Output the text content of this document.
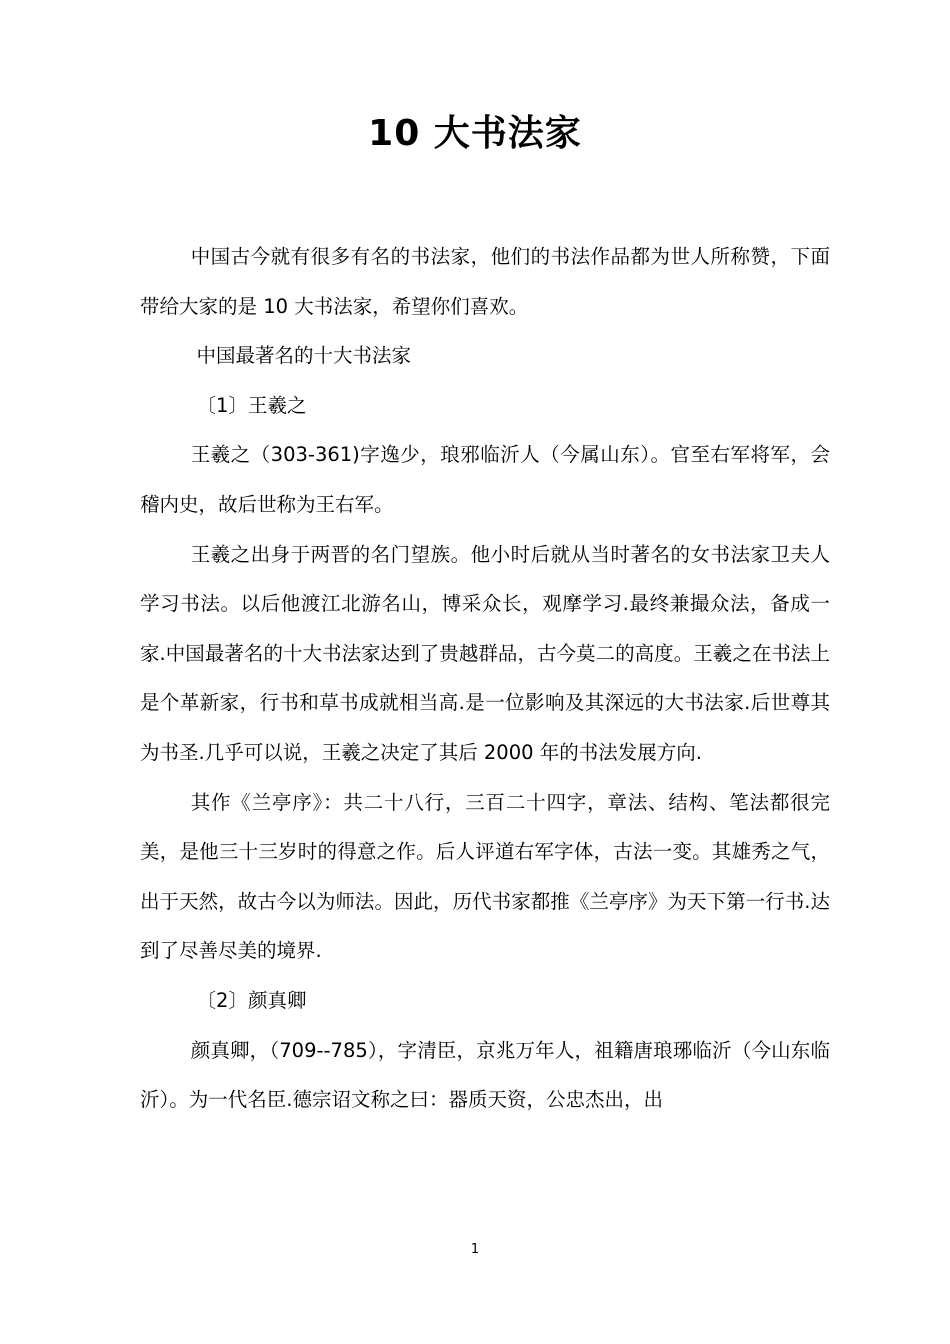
10 大书法家

中国古今就有很多有名的书法家，他们的书法作品都为世人所称赞，下面带给大家的是 10 大书法家，希望你们喜欢。

中国最著名的十大书法家

〔1〕王羲之

王羲之（303-361)字逸少，琅邪临沂人（今属山东）。官至右军将军，会稽内史，故后世称为王右军。

王羲之出身于两晋的名门望族。他小时后就从当时著名的女书法家卫夫人学习书法。以后他渡江北游名山，博采众长，观摩学习.最终兼撮众法，备成一家.中国最著名的十大书法家达到了贵越群品，古今莫二的高度。王羲之在书法上是个革新家，行书和草书成就相当高.是一位影响及其深远的大书法家.后世尊其为书圣.几乎可以说，王羲之决定了其后 2000 年的书法发展方向.

其作《兰亭序》：共二十八行，三百二十四字，章法、结构、笔法都很完美，是他三十三岁时的得意之作。后人评道右军字体，古法一变。其雄秀之气，出于天然，故古今以为师法。因此，历代书家都推《兰亭序》为天下第一行书.达到了尽善尽美的境界.

〔2〕颜真卿

颜真卿，（709--785），字清臣，京兆万年人，祖籍唐琅琊临沂（今山东临沂）。为一代名臣.德宗诏文称之曰：器质天资，公忠杰出，出

1
